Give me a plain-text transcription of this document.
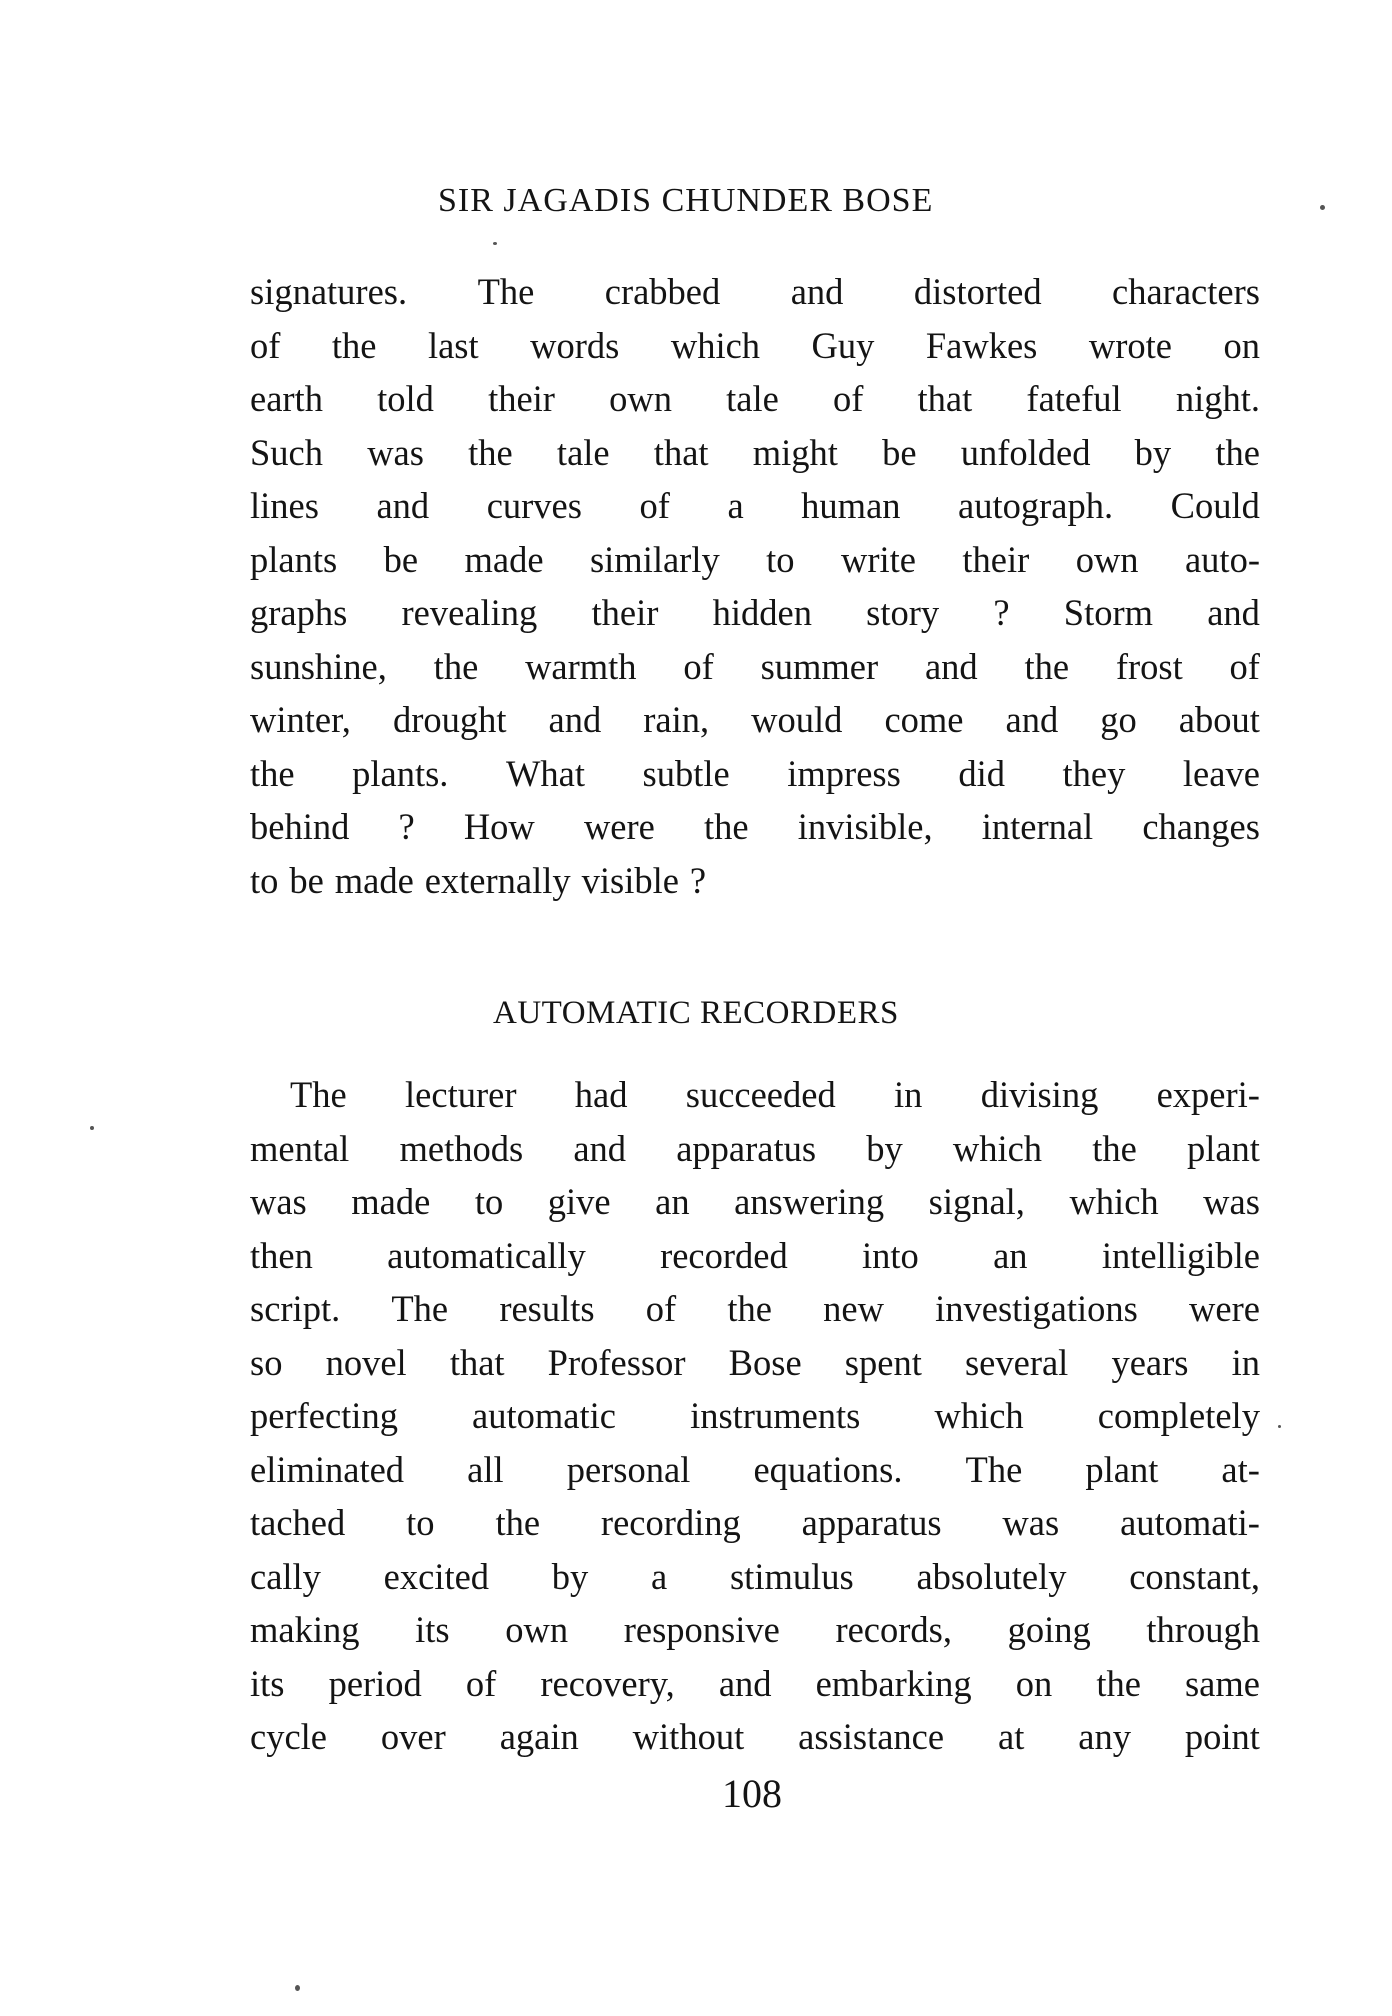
SIR JAGADIS CHUNDER BOSE

signatures. The crabbed and distorted characters

of the last words which Guy Fawkes wrote on

earth told their own tale of that fateful night.

Such was the tale that might be unfolded by the

lines and curves of a human autograph. Could

plants be made similarly to write their own auto-

graphs revealing their hidden story ? Storm and

sunshine, the warmth of summer and the frost of

winter, drought and rain, would come and go about

the plants. What subtle impress did they leave

behind ? How were the invisible, internal changes

to be made externally visible ?

AUTOMATIC RECORDERS

The lecturer had succeeded in divising experi-

mental methods and apparatus by which the plant

was made to give an answering signal, which was

then automatically recorded into an intelligible

script. The results of the new investigations were

so novel that Professor Bose spent several years in

perfecting automatic instruments which completely

eliminated all personal equations. The plant at-

tached to the recording apparatus was automati-

cally excited by a stimulus absolutely constant,

making its own responsive records, going through

its period of recovery, and embarking on the same

cycle over again without assistance at any point

108
